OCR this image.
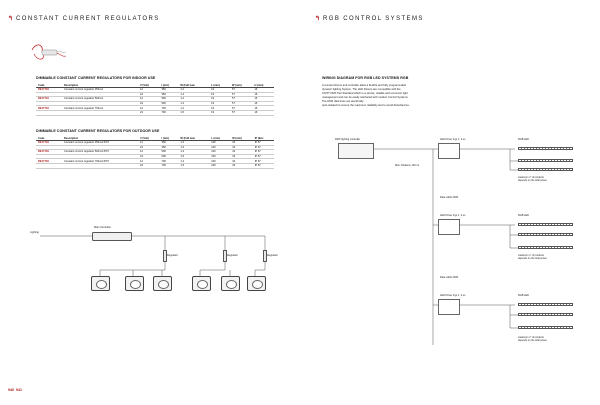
↰ CONSTANT CURRENT REGULATORS
DIMMABLE CONSTANT CURRENT REGULATORS FOR INDOOR USE
Code	Description	V (Vdc)	I (mA)	W (Full max	L (mm)	W (mm)	H (mm)
RE17749	Constant current regulator 350mA	12	350	1.2	19	57	16
		24	350	1.4	19	57	16
RE17749	Constant current regulator 500mA	12	500	1.2	19	57	16
		24	500	1.4	19	57	16
RE17749	Constant current regulator 700mA	12	700	1.2	19	57	16
		24	700	1.5	19	57	16
DIMMABLE CONSTANT CURRENT REGULATORS FOR OUTDOOR USE
Code	Description	V (Vdc)	I (mA)	W (Full max	L (mm)	W (mm)	IP (Enc
RE17749	Constant current regulator 350mA IP67	12	350	1.2	100	32	IP 67
		24	350	1.6	100	32	IP 67
RE17749	Constant current regulator 500mA IP67	12	500	1.2	100	32	IP 67
		24	500	1.6	100	32	IP 67
RE17749	Constant current regulator 700mA IP67	12	700	1.2	100	32	IP 67
		24	700	1.5	100	32	IP 67
Lighting
Main Controller
Regulator	Regulator	Regulator
940 941
↰ RGB CONTROL SYSTEMS
WIRING DIAGRAM FOR RGB LED SYSTEMS RGB
A remote Drivers and controller allow a flexible and fully programmable
dynamic lighting System. The LED Drivers are compatible with the
USITT DMX 512 Standard which is a simple, reliable and economic light
management and can be easily interfaced with modern Control Systems.
The DMX data lines are electrically
opto-isolated to ensure the maximum reliability and to avoid disturbances.
DMX lighting controller
Max. Distance 100 mt
LED Driver Ingr 1, 2 us	RGB LED
maximum n° of products
depends on the total power
Data cable DMX
LED Driver Ingr 1, 2 us	RGB LED
maximum n° of products
depends on the total power
Data cable DMX
LED Driver Ingr 1, 2 us	RGB LED
maximum n° of products
depends on the total power
